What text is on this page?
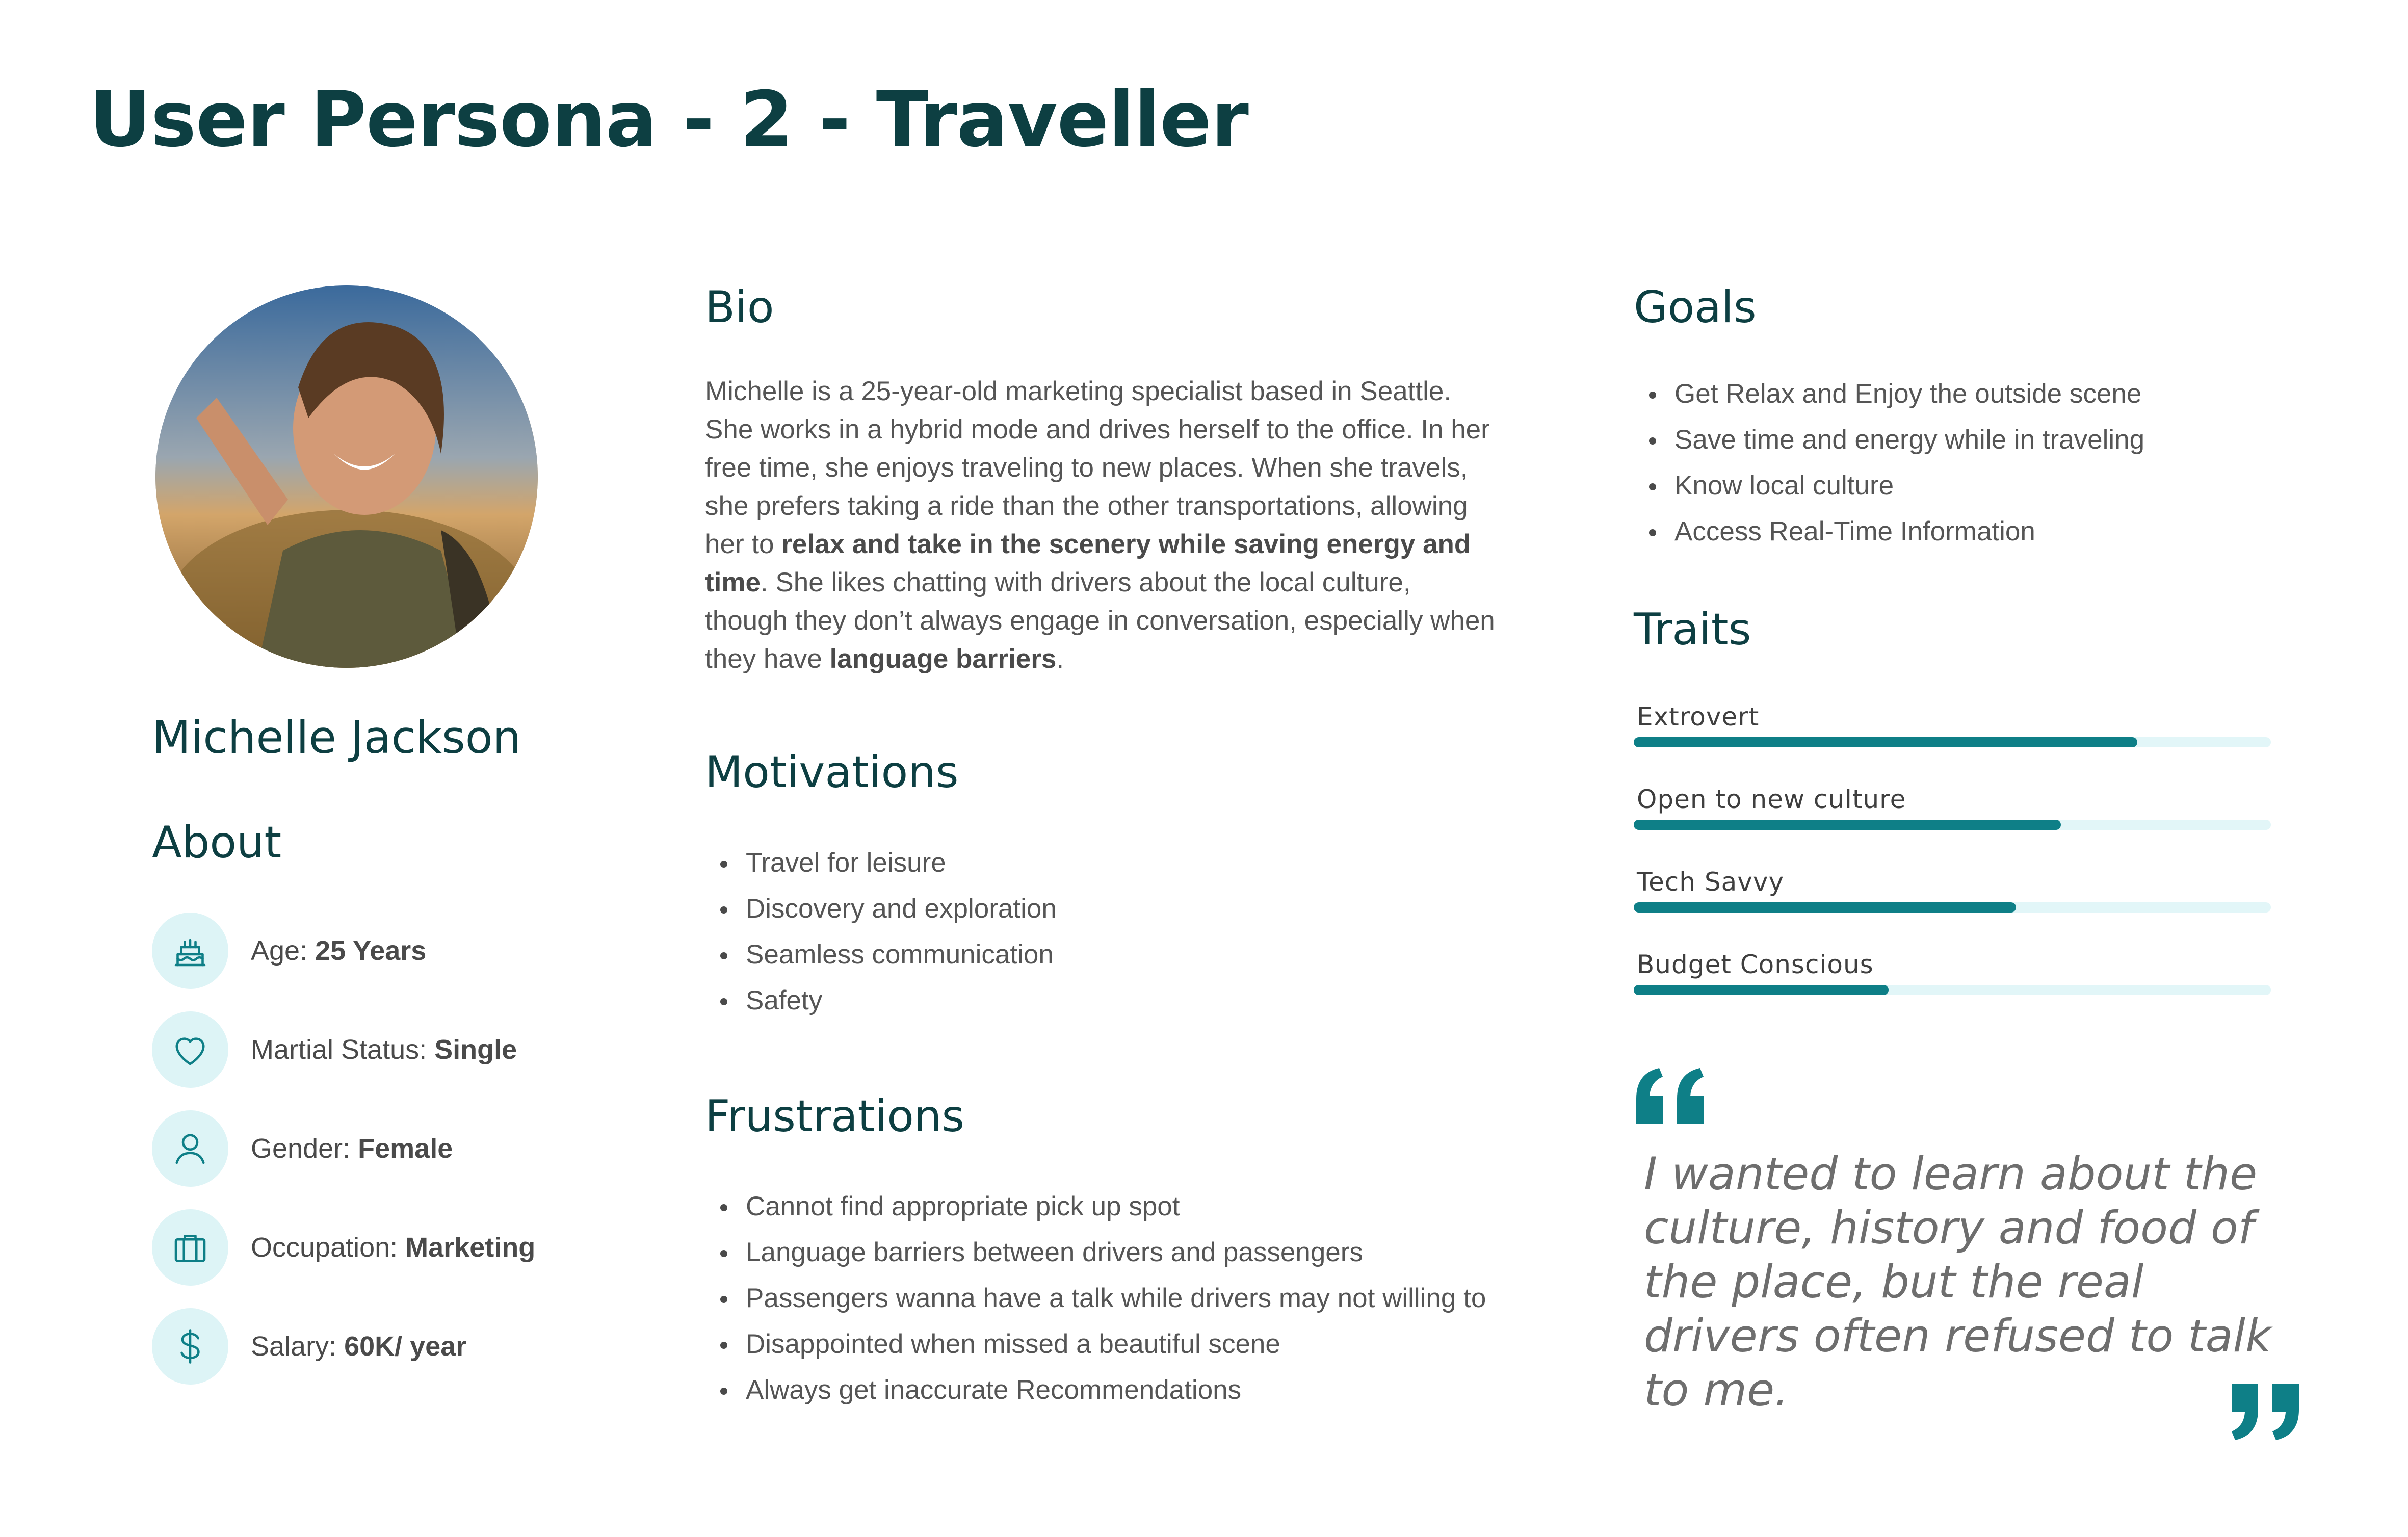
User Persona - 2 - Traveller
Michelle Jackson
About
Age: 25 Years
Martial Status: Single
Gender: Female
Occupation: Marketing
Salary: 60K/ year
Bio

Michelle is a 25-year-old marketing specialist based in Seattle. She works in a hybrid mode and drives herself to the office. In her free time, she enjoys traveling to new places. When she travels, she prefers taking a ride than the other transportations, allowing her to relax and take in the scenery while saving energy and time. She likes chatting with drivers about the local culture, though they don’t always engage in conversation, especially when they have language barriers.

Motivations
Travel for leisure
Discovery and exploration
Seamless communication
Safety
Frustrations
Cannot find appropriate pick up spot
Language barriers between drivers and passengers
Passengers wanna have a talk while drivers may not willing to
Disappointed when missed a beautiful scene
Always get inaccurate Recommendations
Goals
Get Relax and Enjoy the outside scene
Save time and energy while in traveling
Know local culture
Access Real-Time Information
Traits
Extrovert
Open to new culture
Tech Savvy
Budget Conscious

I wanted to learn about the culture, history and food of the place, but the real drivers often refused to talk to me.
